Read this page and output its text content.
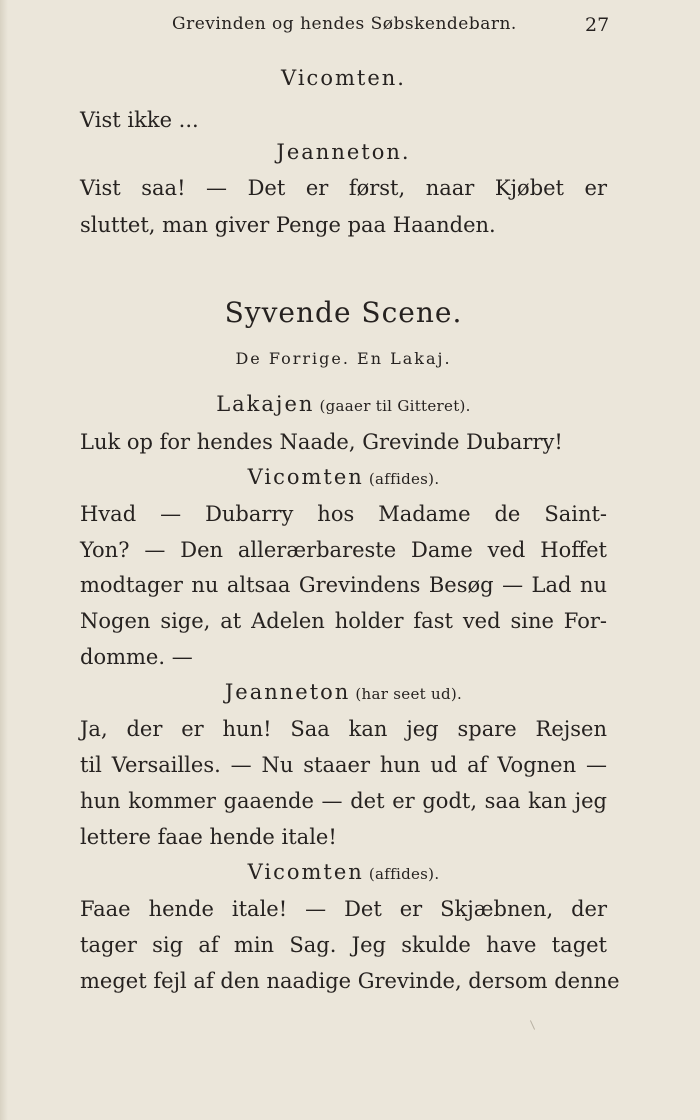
Grevinden og hendes Søbskendebarn.	27
Vicomten.
Vist ikke ...
Jeanneton.
Vist saa! — Det er først, naar Kjøbet er
sluttet, man giver Penge paa Haanden.
Syvende Scene.
De Forrige. En Lakaj.
Lakajen (gaaer til Gitteret).
Luk op for hendes Naade, Grevinde Dubarry!
Vicomten (affides).
Hvad — Dubarry hos Madame de Saint-
Yon? — Den allerærbareste Dame ved Hoffet
modtager nu altsaa Grevindens Besøg — Lad nu
Nogen sige, at Adelen holder fast ved sine For-
domme. —
Jeanneton (har seet ud).
Ja, der er hun! Saa kan jeg spare Rejsen
til Versailles. — Nu staaer hun ud af Vognen —
hun kommer gaaende — det er godt, saa kan jeg
lettere faae hende itale!
Vicomten (affides).
Faae hende itale! — Det er Skjæbnen, der
tager sig af min Sag. Jeg skulde have taget
meget fejl af den naadige Grevinde, dersom denne
